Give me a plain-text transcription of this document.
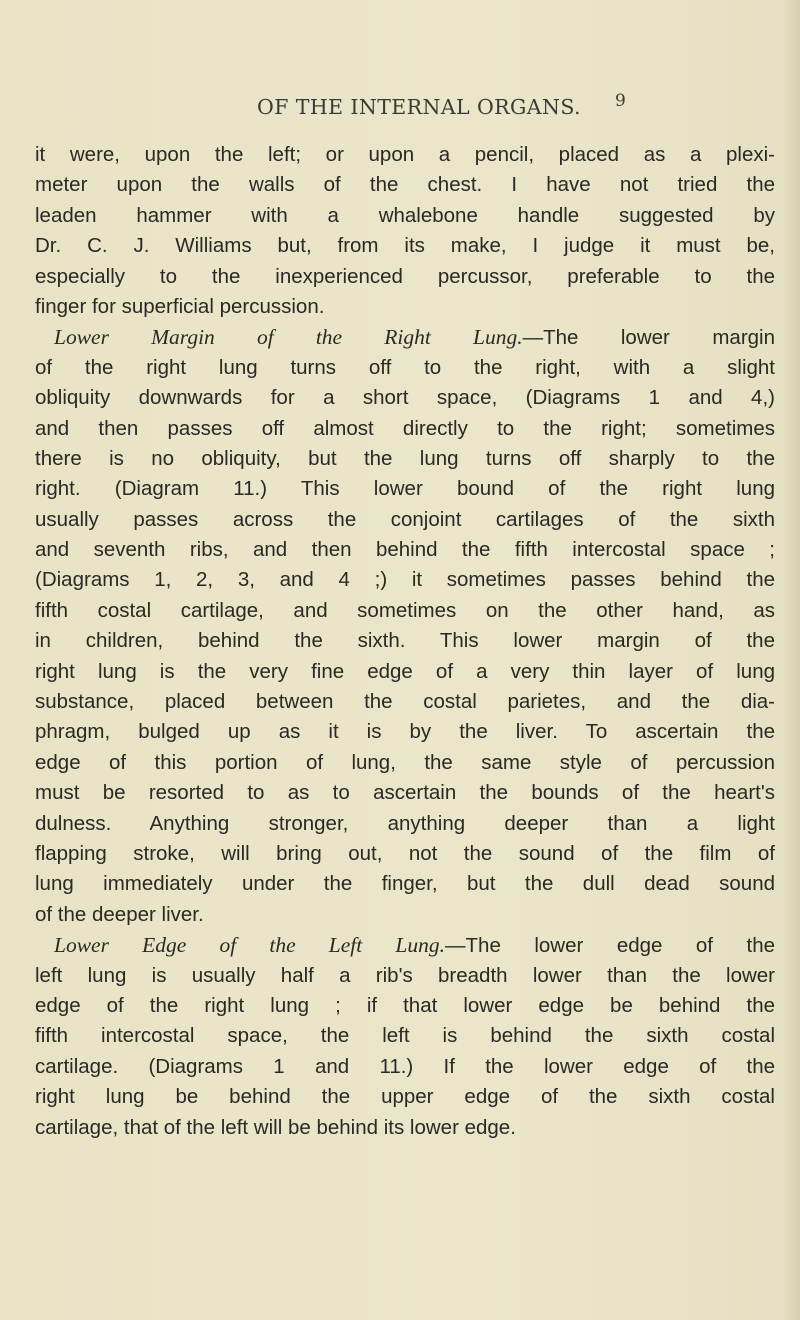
OF THE INTERNAL ORGANS. 9
it were, upon the left; or upon a pencil, placed as a plexi-
meter upon the walls of the chest. I have not tried the
leaden hammer with a whalebone handle suggested by
Dr. C. J. Williams but, from its make, I judge it must be,
especially to the inexperienced percussor, preferable to the
finger for superficial percussion.
Lower Margin of the Right Lung.—The lower margin
of the right lung turns off to the right, with a slight
obliquity downwards for a short space, (Diagrams 1 and 4,)
and then passes off almost directly to the right; sometimes
there is no obliquity, but the lung turns off sharply to the
right. (Diagram 11.) This lower bound of the right lung
usually passes across the conjoint cartilages of the sixth
and seventh ribs, and then behind the fifth intercostal space ;
(Diagrams 1, 2, 3, and 4 ;) it sometimes passes behind the
fifth costal cartilage, and sometimes on the other hand, as
in children, behind the sixth. This lower margin of the
right lung is the very fine edge of a very thin layer of lung
substance, placed between the costal parietes, and the dia-
phragm, bulged up as it is by the liver. To ascertain the
edge of this portion of lung, the same style of percussion
must be resorted to as to ascertain the bounds of the heart's
dulness. Anything stronger, anything deeper than a light
flapping stroke, will bring out, not the sound of the film of
lung immediately under the finger, but the dull dead sound
of the deeper liver.
Lower Edge of the Left Lung.—The lower edge of the
left lung is usually half a rib's breadth lower than the lower
edge of the right lung ; if that lower edge be behind the
fifth intercostal space, the left is behind the sixth costal
cartilage. (Diagrams 1 and 11.) If the lower edge of the
right lung be behind the upper edge of the sixth costal
cartilage, that of the left will be behind its lower edge.
